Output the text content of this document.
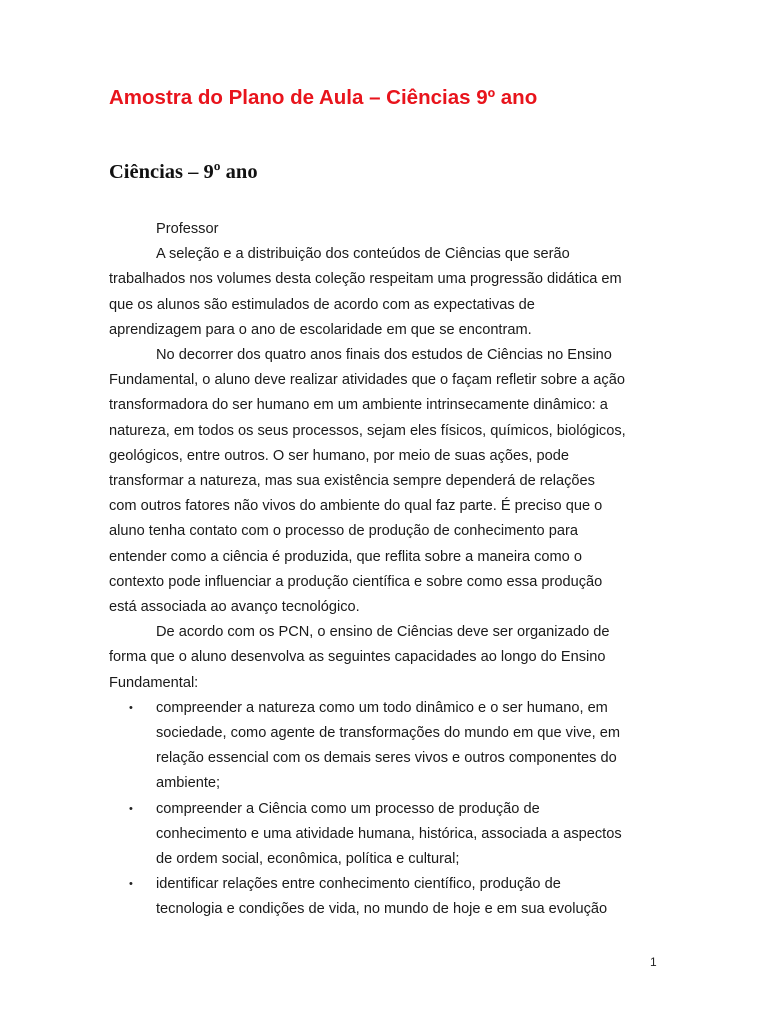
Amostra do Plano de Aula – Ciências 9º ano
Ciências – 9º ano

Professor

A seleção e a distribuição dos conteúdos de Ciências que serão
trabalhados nos volumes desta coleção respeitam uma progressão didática em
que os alunos são estimulados de acordo com as expectativas de
aprendizagem para o ano de escolaridade em que se encontram.

No decorrer dos quatro anos finais dos estudos de Ciências no Ensino
Fundamental, o aluno deve realizar atividades que o façam refletir sobre a ação
transformadora do ser humano em um ambiente intrinsecamente dinâmico: a
natureza, em todos os seus processos, sejam eles físicos, químicos, biológicos,
geológicos, entre outros. O ser humano, por meio de suas ações, pode
transformar a natureza, mas sua existência sempre dependerá de relações
com outros fatores não vivos do ambiente do qual faz parte. É preciso que o
aluno tenha contato com o processo de produção de conhecimento para
entender como a ciência é produzida, que reflita sobre a maneira como o
contexto pode influenciar a produção científica e sobre como essa produção
está associada ao avanço tecnológico.

De acordo com os PCN, o ensino de Ciências deve ser organizado de
forma que o aluno desenvolva as seguintes capacidades ao longo do Ensino
Fundamental:

• compreender a natureza como um todo dinâmico e o ser humano, em
sociedade, como agente de transformações do mundo em que vive, em
relação essencial com os demais seres vivos e outros componentes do
ambiente;
• compreender a Ciência como um processo de produção de
conhecimento e uma atividade humana, histórica, associada a aspectos
de ordem social, econômica, política e cultural;
• identificar relações entre conhecimento científico, produção de
tecnologia e condições de vida, no mundo de hoje e em sua evolução
1
